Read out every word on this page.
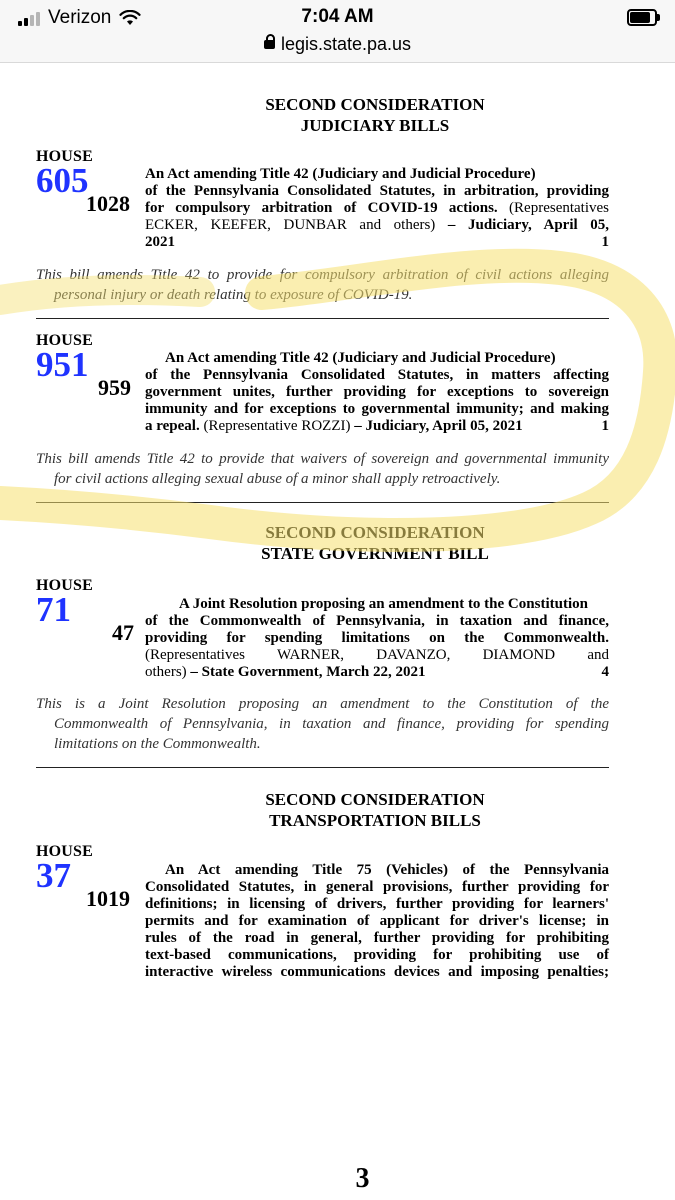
Verizon	7:04 AM
legis.state.pa.us
SECOND CONSIDERATION
JUDICIARY BILLS
HOUSE
605
1028
An Act amending Title 42 (Judiciary and Judicial Procedure)
of the Pennsylvania Consolidated Statutes, in arbitration, providing
for compulsory arbitration of COVID-19 actions. (Representatives
ECKER, KEEFER, DUNBAR and others) – Judiciary, April 05,
2021	1
This bill amends Title 42 to provide for compulsory arbitration of civil actions alleging
personal injury or death relating to exposure of COVID-19.
HOUSE
951
959
An Act amending Title 42 (Judiciary and Judicial Procedure)
of the Pennsylvania Consolidated Statutes, in matters affecting
government unites, further providing for exceptions to sovereign
immunity and for exceptions to governmental immunity; and making
a repeal. (Representative ROZZI) – Judiciary, April 05, 2021	1
This bill amends Title 42 to provide that waivers of sovereign and governmental immunity
for civil actions alleging sexual abuse of a minor shall apply retroactively.
SECOND CONSIDERATION
STATE GOVERNMENT BILL
HOUSE
71
47
A Joint Resolution proposing an amendment to the Constitution
of the Commonwealth of Pennsylvania, in taxation and finance,
providing for spending limitations on the Commonwealth.
(Representatives WARNER, DAVANZO, DIAMOND and
others) – State Government, March 22, 2021	4
This is a Joint Resolution proposing an amendment to the Constitution of the
Commonwealth of Pennsylvania, in taxation and finance, providing for spending
limitations on the Commonwealth.
SECOND CONSIDERATION
TRANSPORTATION BILLS
HOUSE
37
1019
An Act amending Title 75 (Vehicles) of the Pennsylvania
Consolidated Statutes, in general provisions, further providing for
definitions; in licensing of drivers, further providing for learners'
permits and for examination of applicant for driver's license; in
rules of the road in general, further providing for prohibiting
text-based communications, providing for prohibiting use of
interactive wireless communications devices and imposing penalties;
3
